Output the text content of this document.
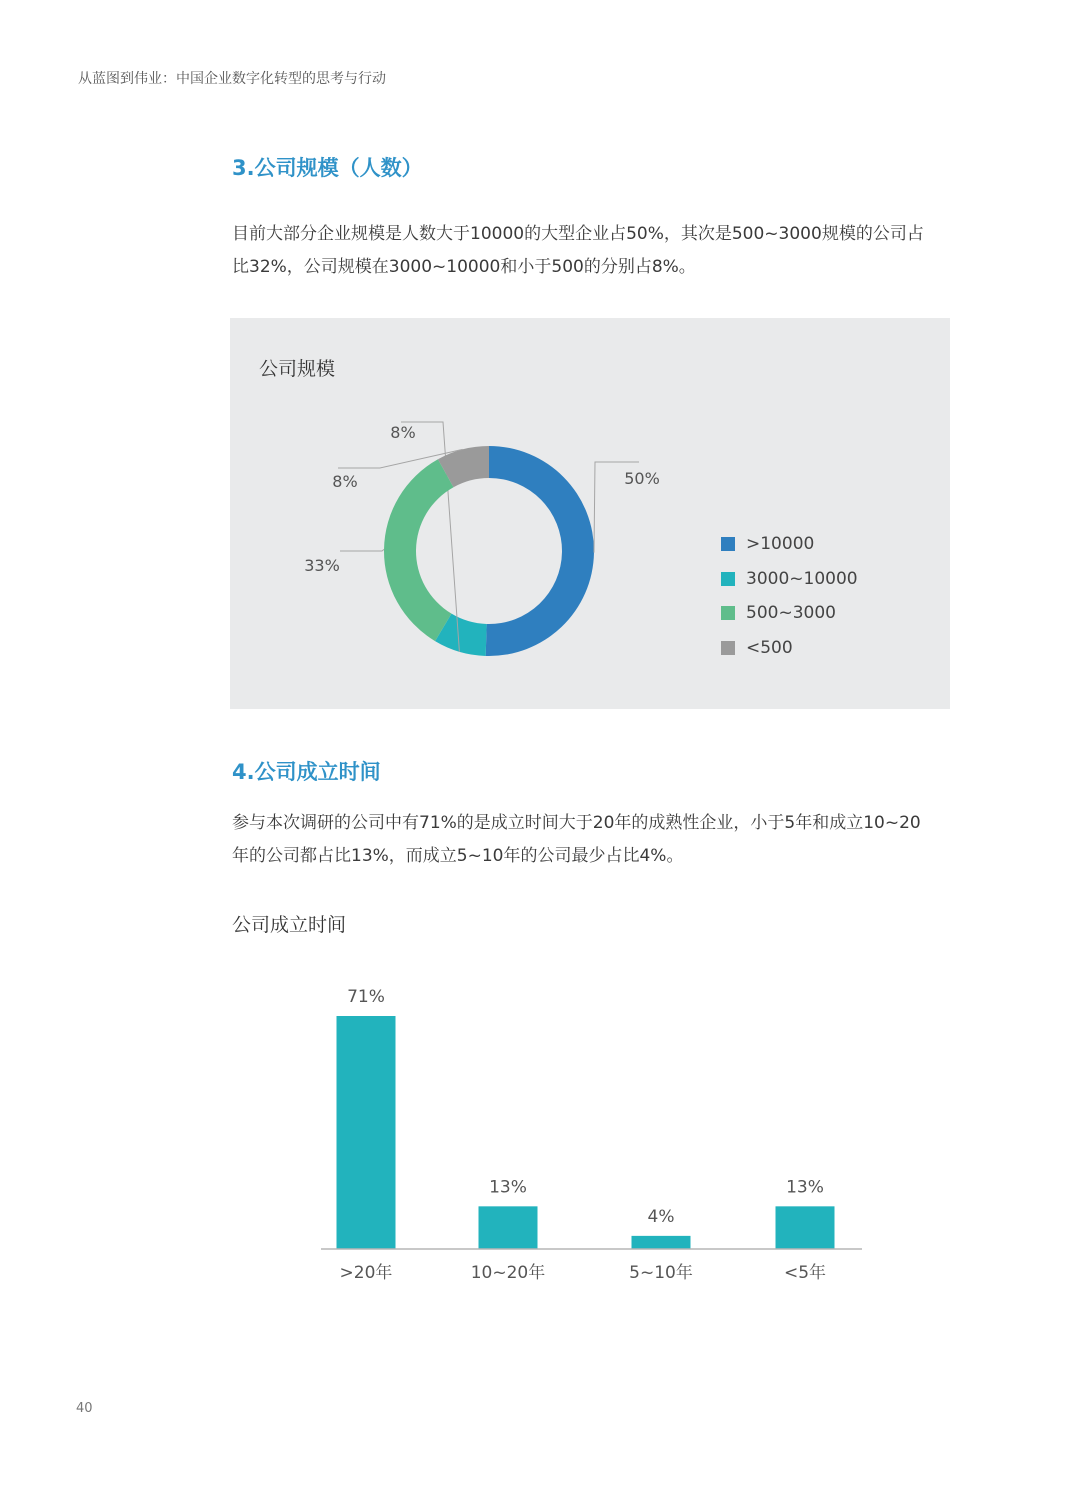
从蓝图到伟业：中国企业数字化转型的思考与行动
3.公司规模（人数）
目前大部分企业规模是人数大于10000的大型企业占50%，其次是500~3000规模的公司占
比32%，公司规模在3000~10000和小于500的分别占8%。
公司规模
50%
8%
33%
8%
>10000
3000~10000
500~3000
<500
4.公司成立时间
参与本次调研的公司中有71%的是成立时间大于20年的成熟性企业，小于5年和成立10~20
年的公司都占比13%，而成立5~10年的公司最少占比4%。
公司成立时间
71%
>20年
13%
10~20年
4%
5~10年
13%
<5年
40
